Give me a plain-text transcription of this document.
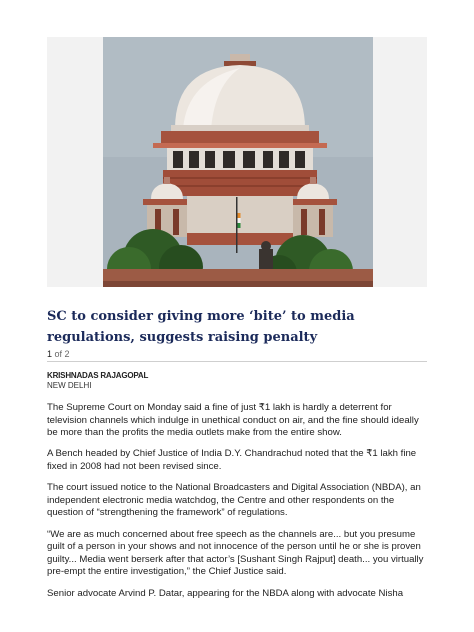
SC to consider giving more ‘bite’ to media regulations, suggests raising penalty
1 of 2
KRISHNADAS RAJAGOPAL
NEW DELHI

The Supreme Court on Monday said a fine of just ₹1 lakh is hardly a deterrent for television channels which indulge in unethical conduct on air, and the fine should ideally be more than the profits the media outlets make from the entire show.

A Bench headed by Chief Justice of India D.Y. Chandrachud noted that the ₹1 lakh fine fixed in 2008 had not been revised since.

The court issued notice to the National Broadcasters and Digital Association (NBDA), an independent electronic media watchdog, the Centre and other respondents on the question of “strengthening the framework” of regulations.

“We are as much concerned about free speech as the channels are... but you presume guilt of a person in your shows and not innocence of the person until he or she is proven guilty... Media went berserk after that actor’s [Sushant Singh Rajput] death... you virtually pre-empt the entire investigation,” the Chief Justice said.

Senior advocate Arvind P. Datar, appearing for the NBDA along with advocate Nisha
